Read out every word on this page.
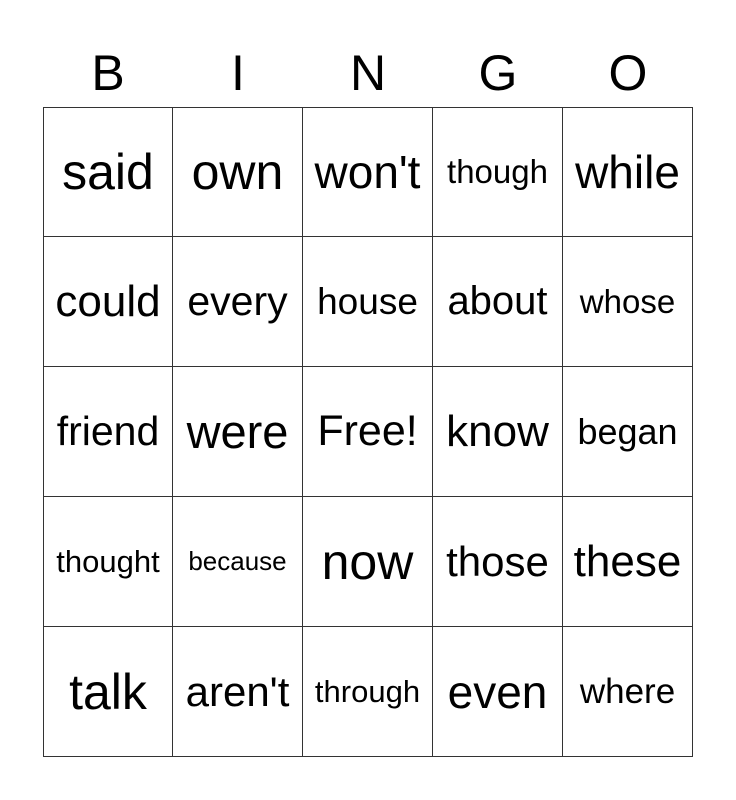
B	I	N	G	O
said own won't though while
could every house about whose
friend were Free! know began
thought because now those these
talk aren't through even where
